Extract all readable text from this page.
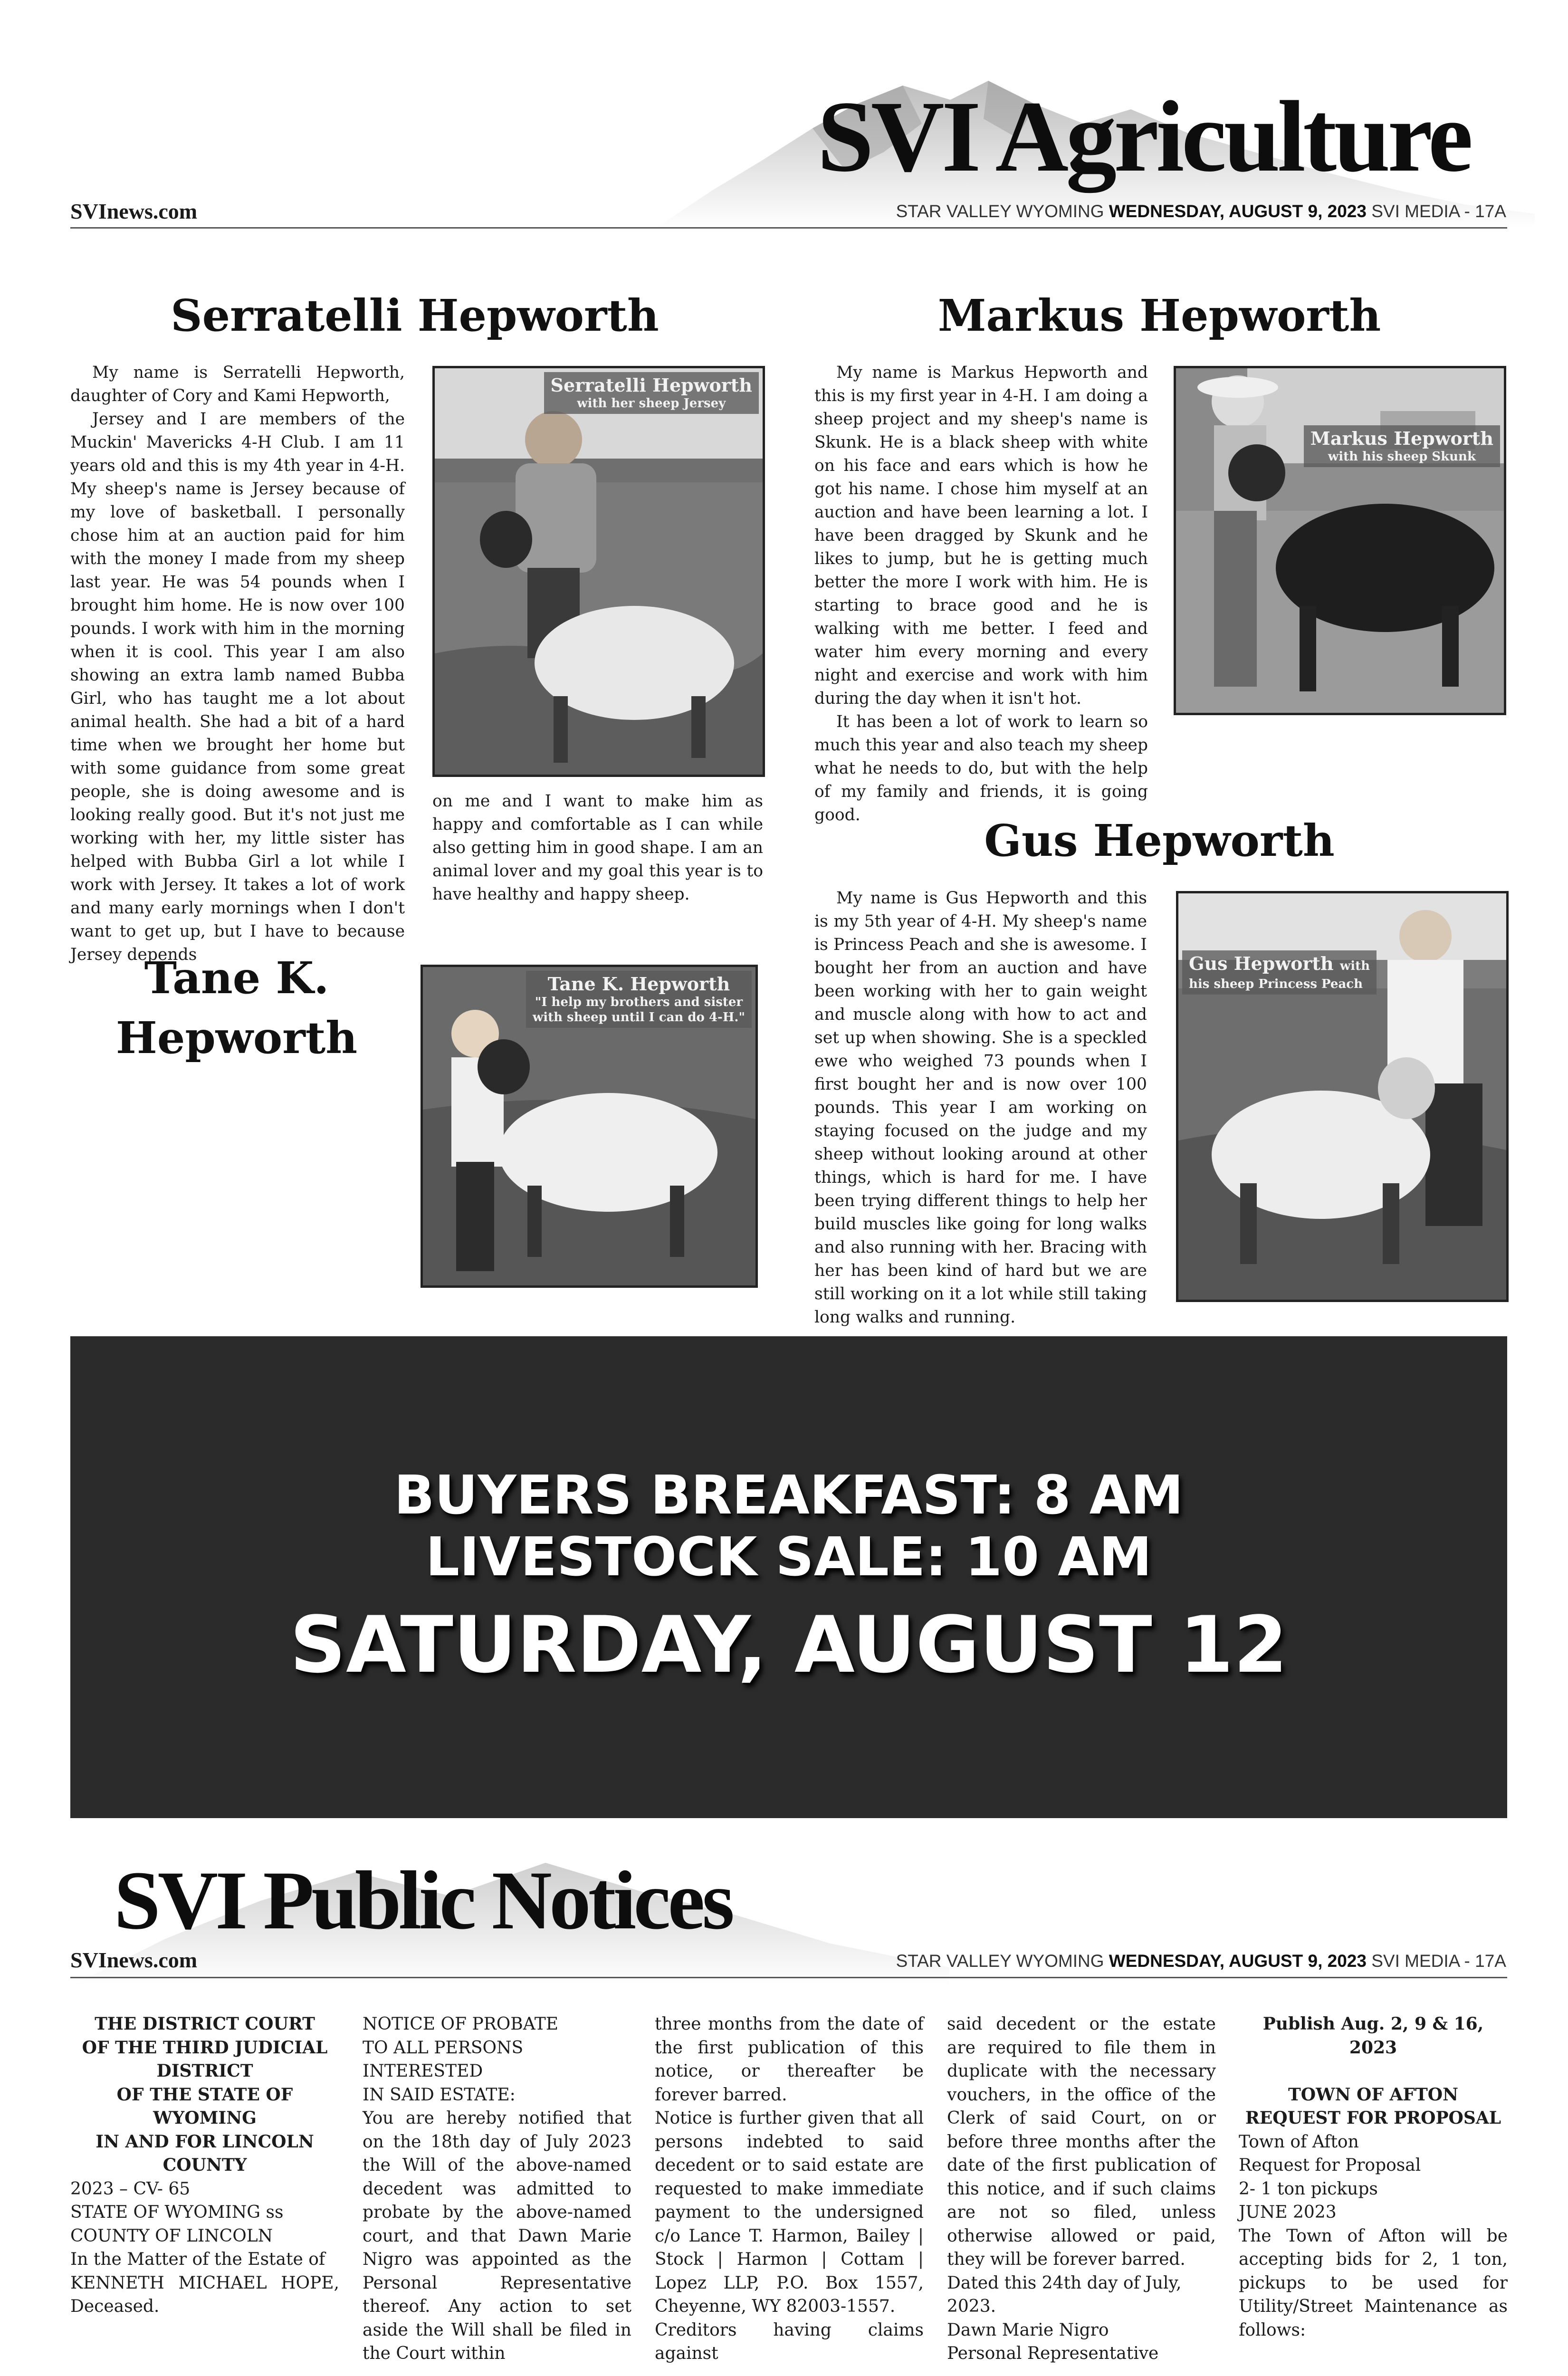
SVI Agriculture
SVInews.com	STAR VALLEY WYOMING WEDNESDAY, AUGUST 9, 2023 SVI MEDIA - 17A
Serratelli Hepworth

My name is Serratelli Hepworth, daughter of Cory and Kami Hepworth,

Jersey and I are members of the Muckin' Mavericks 4-H Club. I am 11 years old and this is my 4th year in 4-H. My sheep's name is Jersey because of my love of basketball. I personally chose him at an auction paid for him with the money I made from my sheep last year. He was 54 pounds when I brought him home. He is now over 100 pounds. I work with him in the morning when it is cool. This year I am also showing an extra lamb named Bubba Girl, who has taught me a lot about animal health. She had a bit of a hard time when we brought her home but with some guidance from some great people, she is doing awesome and is looking really good. But it's not just me working with her, my little sister has helped with Bubba Girl a lot while I work with Jersey. It takes a lot of work and many early mornings when I don't want to get up, but I have to because Jersey depends

Serratelli Hepworth
with her sheep Jersey

on me and I want to make him as happy and comfortable as I can while also getting him in good shape. I am an animal lover and my goal this year is to have healthy and happy sheep.

Markus Hepworth

My name is Markus Hepworth and this is my first year in 4-H. I am doing a sheep project and my sheep's name is Skunk. He is a black sheep with white on his face and ears which is how he got his name. I chose him myself at an auction and have been learning a lot. I have been dragged by Skunk and he likes to jump, but he is getting much better the more I work with him. He is starting to brace good and he is walking with me better. I feed and water him every morning and every night and exercise and work with him during the day when it isn't hot.

It has been a lot of work to learn so much this year and also teach my sheep what he needs to do, but with the help of my family and friends, it is going good.

Markus Hepworth
with his sheep Skunk
Gus Hepworth

My name is Gus Hepworth and this is my 5th year of 4-H. My sheep's name is Princess Peach and she is awesome. I bought her from an auction and have been working with her to gain weight and muscle along with how to act and set up when showing. She is a speckled ewe who weighed 73 pounds when I first bought her and is now over 100 pounds. This year I am working on staying focused on the judge and my sheep without looking around at other things, which is hard for me. I have been trying different things to help her build muscles like going for long walks and also running with her. Bracing with her has been kind of hard but we are still working on it a lot while still taking long walks and running.

Gus Hepworth with
his sheep Princess Peach
Tane K.
Hepworth
Tane K. Hepworth
"I help my brothers and sister
with sheep until I can do 4-H."
BUYERS BREAKFAST: 8 AM
LIVESTOCK SALE: 10 AM
SATURDAY, AUGUST 12
SVI Public Notices
SVInews.com	STAR VALLEY WYOMING WEDNESDAY, AUGUST 9, 2023 SVI MEDIA - 17A
THE DISTRICT COURT
OF THE THIRD JUDICIAL
DISTRICT
OF THE STATE OF WYOMING
IN AND FOR LINCOLN
COUNTY
2023 – CV- 65
STATE OF WYOMING ss
COUNTY OF LINCOLN
In the Matter of the Estate of
KENNETH MICHAEL HOPE,
Deceased.
NOTICE OF PROBATE
TO ALL PERSONS INTERESTED
IN SAID ESTATE:
You are hereby notified that on the 18th day of July 2023 the Will of the above-named decedent was admitted to probate by the above-named court, and that Dawn Marie Nigro was appointed as the Personal Representative thereof. Any action to set aside the Will shall be filed in the Court within
three months from the date of the first publication of this notice, or thereafter be forever barred.
Notice is further given that all persons indebted to said decedent or to said estate are requested to make immediate payment to the undersigned c/o Lance T. Harmon, Bailey | Stock | Harmon | Cottam | Lopez LLP, P.O. Box 1557, Cheyenne, WY 82003-1557.
Creditors having claims against
said decedent or the estate are required to file them in duplicate with the necessary vouchers, in the office of the Clerk of said Court, on or before three months after the date of the first publication of this notice, and if such claims are not so filed, unless otherwise allowed or paid, they will be forever barred.
Dated this 24th day of July, 2023.
Dawn Marie Nigro
Personal Representative
Publish Aug. 2, 9 & 16, 2023
TOWN OF AFTON
REQUEST FOR PROPOSAL
Town of Afton
Request for Proposal
2- 1 ton pickups
JUNE 2023
The Town of Afton will be accepting bids for 2, 1 ton, pickups to be used for Utility/Street Maintenance as follows:
